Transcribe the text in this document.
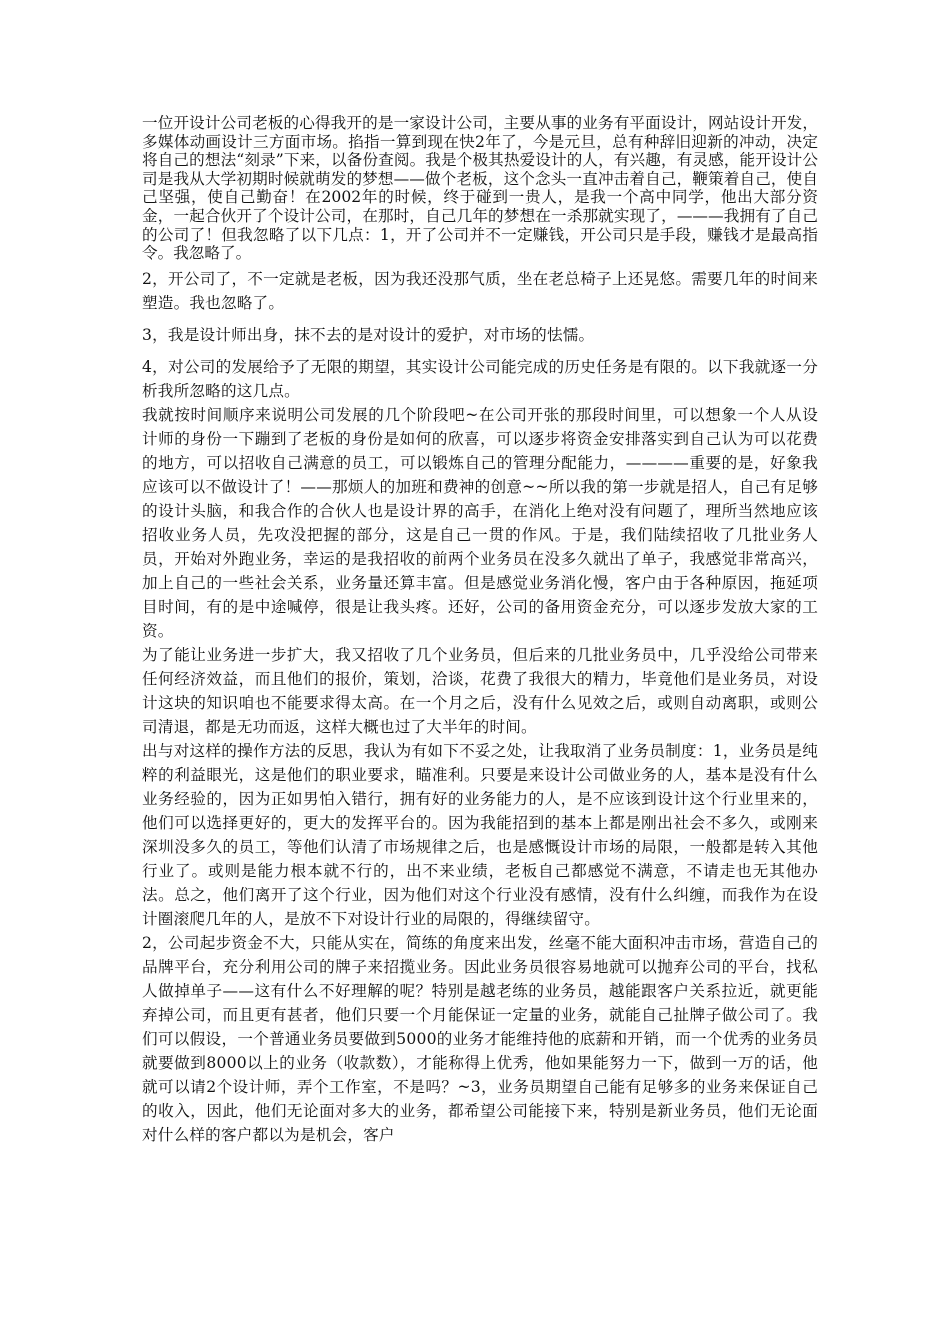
一位开设计公司老板的心得我开的是一家设计公司，主要从事的业务有平面设计，网站设计开发，多媒体动画设计三方面市场。掐指一算到现在快2年了，今是元旦，总有种辞旧迎新的冲动，决定将自己的想法“刻录”下来，以备份查阅。我是个极其热爱设计的人，有兴趣，有灵感，能开设计公司是我从大学初期时候就萌发的梦想——做个老板，这个念头一直冲击着自己，鞭策着自己，使自己坚强，使自己勤奋！在2002年的时候，终于碰到一贵人，是我一个高中同学，他出大部分资金，一起合伙开了个设计公司，在那时，自己几年的梦想在一杀那就实现了，———我拥有了自己的公司了！但我忽略了以下几点：1，开了公司并不一定赚钱，开公司只是手段，赚钱才是最高指令。我忽略了。

2，开公司了，不一定就是老板，因为我还没那气质，坐在老总椅子上还晃悠。需要几年的时间来塑造。我也忽略了。

3，我是设计师出身，抹不去的是对设计的爱护，对市场的怯懦。

4，对公司的发展给予了无限的期望，其实设计公司能完成的历史任务是有限的。以下我就逐一分析我所忽略的这几点。

我就按时间顺序来说明公司发展的几个阶段吧~在公司开张的那段时间里，可以想象一个人从设计师的身份一下蹦到了老板的身份是如何的欣喜，可以逐步将资金安排落实到自己认为可以花费的地方，可以招收自己满意的员工，可以锻炼自己的管理分配能力，————重要的是，好象我应该可以不做设计了！——那烦人的加班和费神的创意~~所以我的第一步就是招人，自己有足够的设计头脑，和我合作的合伙人也是设计界的高手，在消化上绝对没有问题了，理所当然地应该招收业务人员，先攻没把握的部分，这是自己一贯的作风。于是，我们陆续招收了几批业务人员，开始对外跑业务，幸运的是我招收的前两个业务员在没多久就出了单子，我感觉非常高兴，加上自己的一些社会关系，业务量还算丰富。但是感觉业务消化慢，客户由于各种原因，拖延项目时间，有的是中途喊停，很是让我头疼。还好，公司的备用资金充分，可以逐步发放大家的工资。

为了能让业务进一步扩大，我又招收了几个业务员，但后来的几批业务员中，几乎没给公司带来任何经济效益，而且他们的报价，策划，洽谈，花费了我很大的精力，毕竟他们是业务员，对设计这块的知识咱也不能要求得太高。在一个月之后，没有什么见效之后，或则自动离职，或则公司清退，都是无功而返，这样大概也过了大半年的时间。

出与对这样的操作方法的反思，我认为有如下不妥之处，让我取消了业务员制度：1，业务员是纯粹的利益眼光，这是他们的职业要求，瞄准利。只要是来设计公司做业务的人，基本是没有什么业务经验的，因为正如男怕入错行，拥有好的业务能力的人，是不应该到设计这个行业里来的，他们可以选择更好的，更大的发挥平台的。因为我能招到的基本上都是刚出社会不多久，或刚来深圳没多久的员工，等他们认清了市场规律之后，也是感慨设计市场的局限，一般都是转入其他行业了。或则是能力根本就不行的，出不来业绩，老板自己都感觉不满意，不请走也无其他办法。总之，他们离开了这个行业，因为他们对这个行业没有感情，没有什么纠缠，而我作为在设计圈滚爬几年的人，是放不下对设计行业的局限的，得继续留守。

2，公司起步资金不大，只能从实在，简练的角度来出发，丝毫不能大面积冲击市场，营造自己的品牌平台，充分利用公司的牌子来招揽业务。因此业务员很容易地就可以抛弃公司的平台，找私人做掉单子——这有什么不好理解的呢？特别是越老练的业务员，越能跟客户关系拉近，就更能弃掉公司，而且更有甚者，他们只要一个月能保证一定量的业务，就能自己扯牌子做公司了。我们可以假设，一个普通业务员要做到5000的业务才能维持他的底薪和开销，而一个优秀的业务员就要做到8000以上的业务（收款数），才能称得上优秀，他如果能努力一下，做到一万的话，他就可以请2个设计师，弄个工作室，不是吗？~3，业务员期望自己能有足够多的业务来保证自己的收入，因此，他们无论面对多大的业务，都希望公司能接下来，特别是新业务员，他们无论面对什么样的客户都以为是机会，客户
